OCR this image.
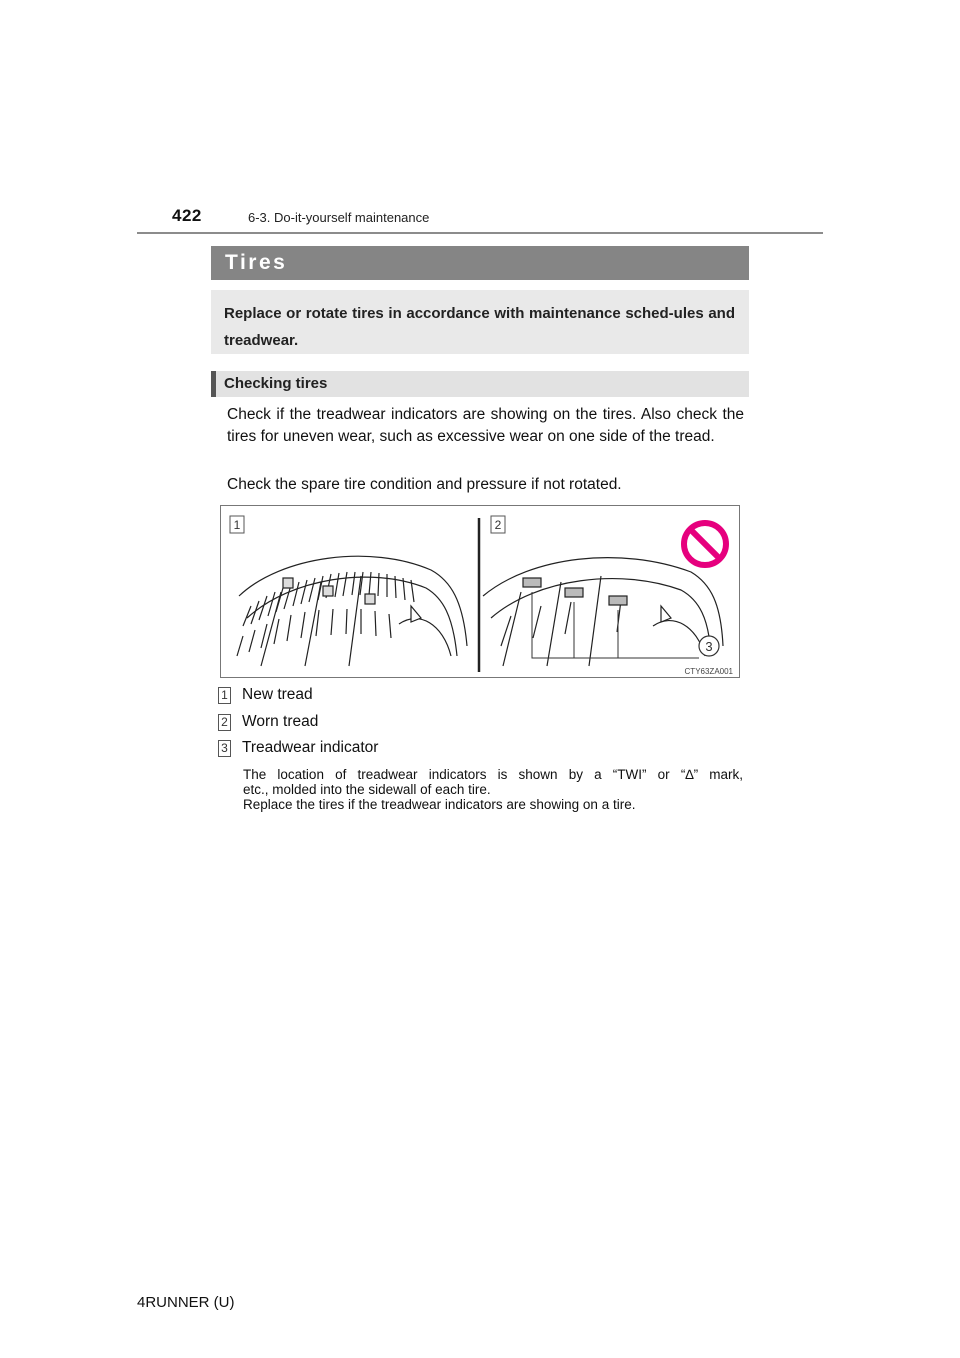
422	6-3. Do-it-yourself maintenance
Tires

Replace or rotate tires in accordance with maintenance sched-ules and treadwear.

Checking tires

Check if the treadwear indicators are showing on the tires. Also check the tires for uneven wear, such as excessive wear on one side of the tread.

Check the spare tire condition and pressure if not rotated.

1	2
3
CTY63ZA001
1 New tread
2 Worn tread
3 Treadwear indicator
The location of treadwear indicators is shown by a “TWI” or “∆” mark,
etc., molded into the sidewall of each tire.
Replace the tires if the treadwear indicators are showing on a tire.
4RUNNER (U)
